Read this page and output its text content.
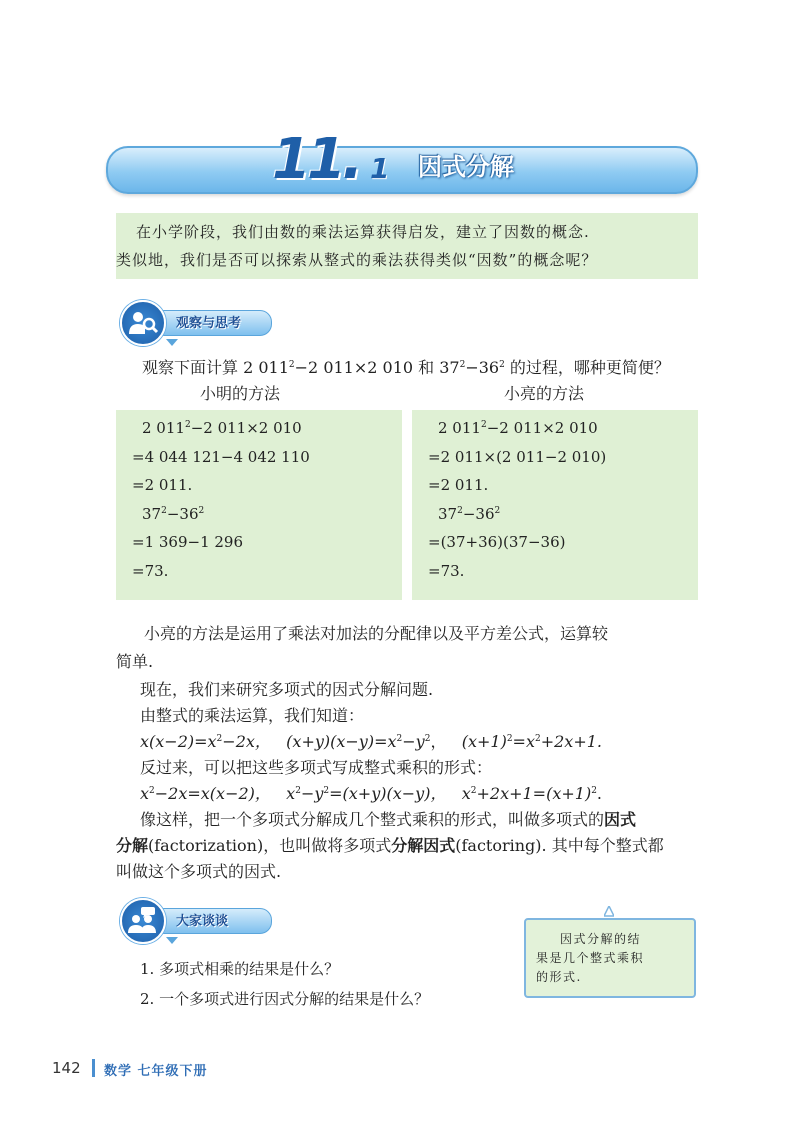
11. 1 因式分解

在小学阶段，我们由数的乘法运算获得启发，建立了因数的概念.

类似地，我们是否可以探索从整式的乘法获得类似“因数”的概念呢？

观察与思考
观察下面计算 2 $011^2-2$ 011×2 010 和 $37^2-36^2$ 的过程，哪种更简便？
小明的方法	小亮的方法
2 $011^2-2$ 011×2 010
=4 044 121−4 042 110
=2 011.
$37^2-36^2$
=1 369−1 296
=73.
2 $011^2-2$ 011×2 010
=2 011×(2 011−2 010)
=2 011.
$37^2-36^2$
=(37+36)(37−36)
=73.
小亮的方法是运用了乘法对加法的分配律以及平方差公式，运算较
简单.
现在，我们来研究多项式的因式分解问题.
由整式的乘法运算，我们知道：
$x(x-2)=x^2-2x$， $(x+y)(x-y)=x^2-y^2$， $(x+1)^2=x^2+2x+1$.
反过来，可以把这些多项式写成整式乘积的形式：
$x^2-2x=x(x-2)$， $x^2-y^2=(x+y)(x-y)$， $x^2+2x+1=(x+1)^2$.
像这样，把一个多项式分解成几个整式乘积的形式，叫做多项式的因式
分解(factorization)，也叫做将多项式分解因式(factoring). 其中每个整式都
叫做这个多项式的因式.
大家谈谈
1. 多项式相乘的结果是什么？
2. 一个多项式进行因式分解的结果是什么？

因式分解的结

果是几个整式乘积

的形式.

142 数学 七年级下册
